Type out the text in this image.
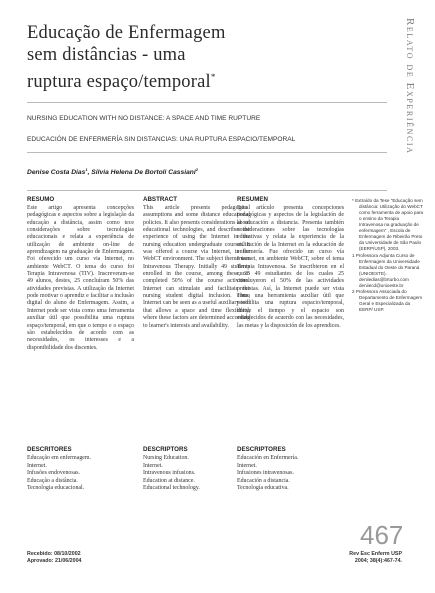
Educação de Enfermagem
sem distâncias - uma
ruptura espaço/temporal*	Relato de Experiência
NURSING EDUCATION WITH NO DISTANCE: A SPACE AND TIME RUPTURE
EDUCACIÓN DE ENFERMERÍA SIN DISTANCIAS: UNA RUPTURA ESPACIO/TEMPORAL
Denise Costa Dias$^1$, Silvia Helena De Bortoli Cassiani$^2$
RESUMO
Este artigo apresenta concepções pedagógicas e aspectos sobre a legislação da educação a distância, assim como tece considerações sobre tecnologias educacionais e relata a experiência de utilização de ambiente on-line de aprendizagem na graduação de Enfermagem. Foi oferecido um curso via Internet, no ambiente WebCT. O tema do curso foi Terapia Intravenosa (TIV). Inscreveram-se 49 alunos, destes, 25 concluíram 50% das atividades previstas. A utilização da Internet pode motivar o aprendiz e facilitar a inclusão digital do aluno de Enfermagem. Assim, a Internet pode ser vista como uma ferramenta auxiliar útil que possibilita uma ruptura espaço/temporal, em que o tempo e o espaço são estabelecidos de acordo com as necessidades, os interesses e a disponibilidade dos discentes.
ABSTRACT
This article presents pedagogical assumptions and some distance educational policies. It also presents considerations about educational technologies, and describes the experience of using the Internet in the nursing education undergraduate courses. It was offered a course via Internet, in the WebCT environment. The subject theme was Intravenous Therapy. Initially 49 students enrolled in the course, among these, 25 completed 50% of the course activities. Internet can stimulate and facilitate the nursing student digital inclusion. Thus, Internet can be seen as a useful auxiliary tool that allows a space and time flexibility, where these factors are determined according to learner's interests and availability.
RESUMEN
Este artículo presenta concepciones pedagógicas y aspectos de la legislación de la educación a distancia. Presenta también consideraciones sobre las tecnologías educativas y relata la experiencia de la utilización de la Internet en la educación de enfermería. Fue ofrecido un curso vía Internet, en ambiente WebCT, sobre el tema Terapia Intravenosa. Se inscribieron en el curso 49 estudiantes de los cuales 25 concluyeron el 50% de las actividades previstas. Así, la Internet puede ser vista como una herramienta auxiliar útil que posibilita una ruptura espacio/temporal, donde el tiempo y el espacio son establecidos de acuerdo con las necesidades, las metas y la disposición de los aprendices.
DESCRITORES
Educação em enfermagem.
Internet.
Infusões endovenosas.
Educação a distância.
Tecnologia educacional.
DESCRIPTORS
Nursing Education.
Internet.
Intravenous infusions.
Education at distance.
Educational technology.
DESCRIPTORES
Educación en Enfermería.
Internet.
Infusiones intravenosas.
Educación a distancia.
Tecnología educativa.
* Extraído da Tese "Educação sem distância: Utilização do WebCT como ferramenta de apoio para o ensino da Terapia Intravenosa na graduação de enfermagem" , Escola de Enfermagem de Ribeirão Preto da Universidade de São Paulo (EERP/USP), 2003.
1 Professora Adjunta Curso de Enfermagem da Universidade Estadual do Oeste do Paraná (UNIOESTE). deniiedias@brturbo.com deniiecd@unioeste.br
2 Professora Associada do Departamento de Enfermagem Geral e Especializada da EERP/ USP.
467
Recebido: 08/10/2002
Aprovado: 21/06/2004
Rev Esc Enferm USP
2004; 38(4):467-74.
